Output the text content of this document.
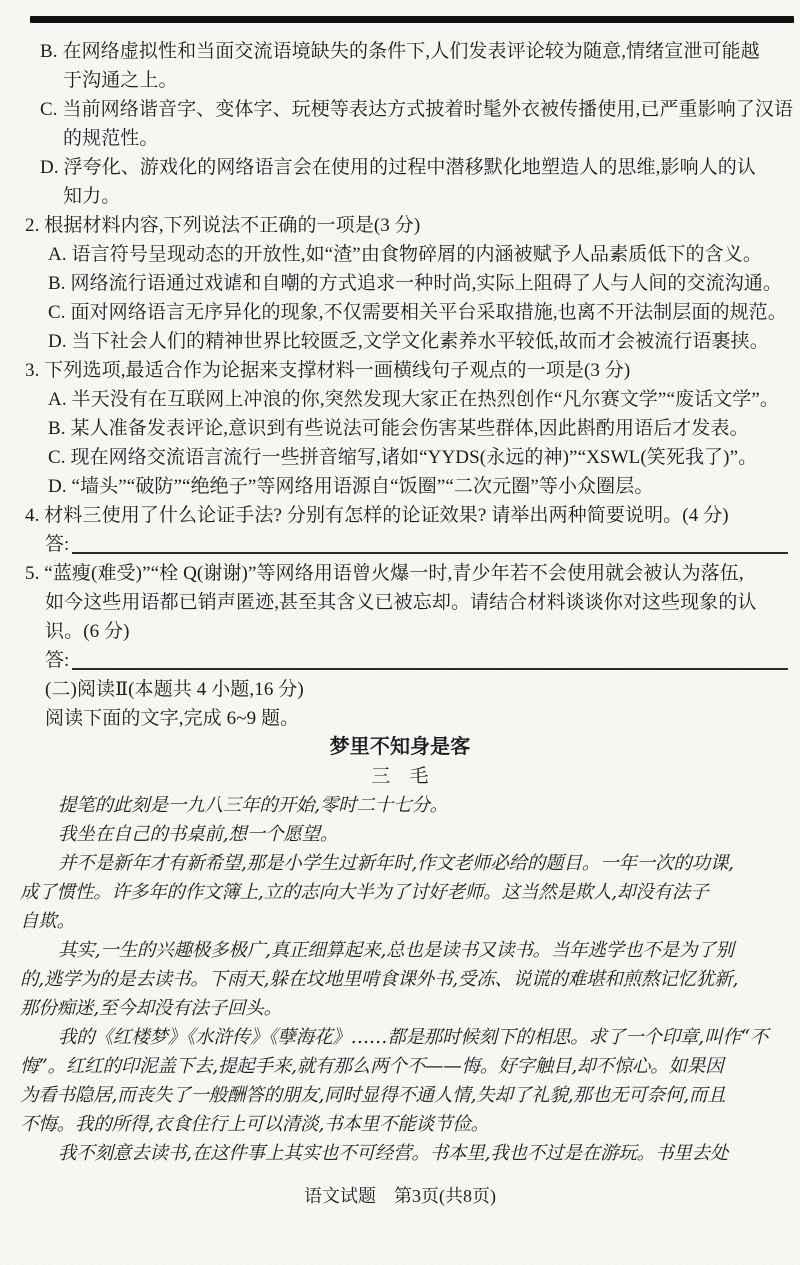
B. 在网络虚拟性和当面交流语境缺失的条件下,人们发表评论较为随意,情绪宣泄可能越
于沟通之上。
C. 当前网络谐音字、变体字、玩梗等表达方式披着时髦外衣被传播使用,已严重影响了汉语
的规范性。
D. 浮夸化、游戏化的网络语言会在使用的过程中潜移默化地塑造人的思维,影响人的认
知力。
2. 根据材料内容,下列说法不正确的一项是(3 分)
A. 语言符号呈现动态的开放性,如“渣”由食物碎屑的内涵被赋予人品素质低下的含义。
B. 网络流行语通过戏谑和自嘲的方式追求一种时尚,实际上阻碍了人与人间的交流沟通。
C. 面对网络语言无序异化的现象,不仅需要相关平台采取措施,也离不开法制层面的规范。
D. 当下社会人们的精神世界比较匮乏,文学文化素养水平较低,故而才会被流行语裹挟。
3. 下列选项,最适合作为论据来支撑材料一画横线句子观点的一项是(3 分)
A. 半天没有在互联网上冲浪的你,突然发现大家正在热烈创作“凡尔赛文学”“废话文学”。
B. 某人准备发表评论,意识到有些说法可能会伤害某些群体,因此斟酌用语后才发表。
C. 现在网络交流语言流行一些拼音缩写,诸如“YYDS(永远的神)”“XSWL(笑死我了)”。
D. “墙头”“破防”“绝绝子”等网络用语源自“饭圈”“二次元圈”等小众圈层。
4. 材料三使用了什么论证手法? 分别有怎样的论证效果? 请举出两种简要说明。(4 分)
答:
5. “蓝瘦(难受)”“栓 Q(谢谢)”等网络用语曾火爆一时,青少年若不会使用就会被认为落伍,
如今这些用语都已销声匿迹,甚至其含义已被忘却。请结合材料谈谈你对这些现象的认
识。(6 分)
答:
(二)阅读Ⅱ(本题共 4 小题,16 分)
阅读下面的文字,完成 6~9 题。
梦里不知身是客
三　毛
提笔的此刻是一九八三年的开始,零时二十七分。
我坐在自己的书桌前,想一个愿望。
并不是新年才有新希望,那是小学生过新年时,作文老师必给的题目。一年一次的功课,
成了惯性。许多年的作文簿上,立的志向大半为了讨好老师。这当然是欺人,却没有法子
自欺。
其实,一生的兴趣极多极广,真正细算起来,总也是读书又读书。当年逃学也不是为了别
的,逃学为的是去读书。下雨天,躲在坟地里啃食课外书,受冻、说谎的难堪和煎熬记忆犹新,
那份痴迷,至今却没有法子回头。
我的《红楼梦》《水浒传》《孽海花》……都是那时候刻下的相思。求了一个印章,叫作“不
悔”。红红的印泥盖下去,提起手来,就有那么两个不——悔。好字触目,却不惊心。如果因
为看书隐居,而丧失了一般酬答的朋友,同时显得不通人情,失却了礼貌,那也无可奈何,而且
不悔。我的所得,衣食住行上可以清淡,书本里不能谈节俭。
我不刻意去读书,在这件事上其实也不可经营。书本里,我也不过是在游玩。书里去处
语文试题　第3页(共8页)
